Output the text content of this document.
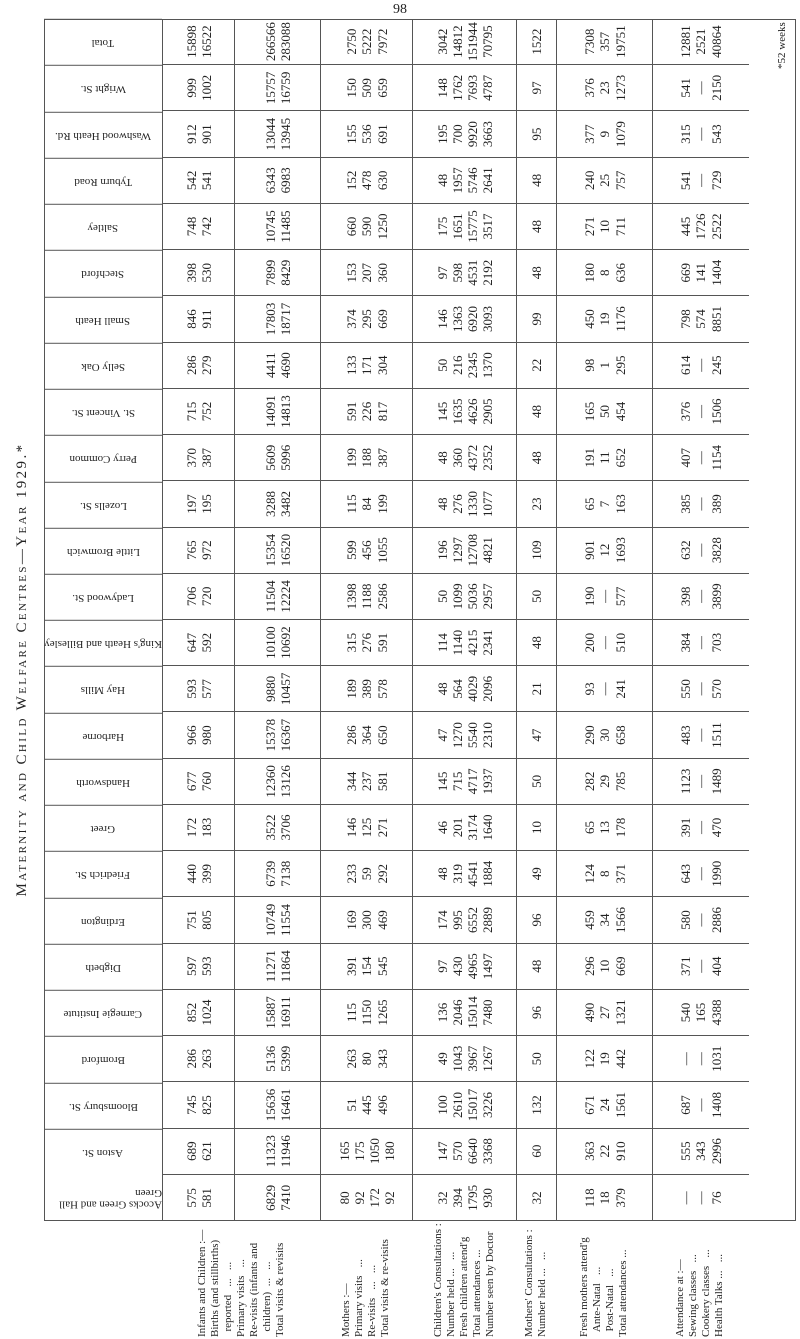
98
Maternity and Child Welfare Centres—Year 1929.*
Acocks Green and Hall Green
Aston St.
Bloomsbury St.
Bromford
Carnegie Institute
Digbeth
Erdington
Friedrich St.
Greet
Handsworth
Harborne
Hay Mills
King's Heath and Billesley
Ladywood St.
Little Bromwich
Lozells St.
Perry Common
St. Vincent St.
Selly Oak
Small Heath
Stechford
Saltley
Tyburn Road
Washwood Heath Rd.
Wright St.
Total
575 581
689 621
745 825
286 263
852 1024
597 593
751 805
440 399
172 183
677 760
966 980
593 577
647 592
706 720
765 972
197 195
370 387
715 752
286 279
846 911
398 530
748 742
542 541
912 901
999 1002
15898 16522
6829 7410
11323 11946
15636 16461
5136 5399
15887 16911
11271 11864
10749 11554
6739 7138
3522 3706
12360 13126
15378 16367
9880 10457
10100 10692
11504 12224
15354 16520
3288 3482
5609 5996
14091 14813
4411 4690
17803 18717
7899 8429
10745 11485
6343 6983
13044 13945
15757 16759
266566 283088
80 92 172 92
165 175 1050 180
51 445 496
263 80 343
115 1150 1265
391 154 545
169 300 469
233 59 292
146 125 271
344 237 581
286 364 650
189 389 578
315 276 591
1398 1188 2586
599 456 1055
115 84 199
199 188 387
591 226 817
133 171 304
374 295 669
153 207 360
660 590 1250
152 478 630
155 536 691
150 509 659
2750 5222 7972
32 394 1795 930
147 570 6640 3368
100 2610 15017 3226
49 1043 3967 1267
136 2046 15014 7480
97 430 4965 1497
174 995 6552 2889
48 319 4541 1884
46 201 3174 1640
145 715 4717 1937
47 1270 5540 2310
48 564 4029 2096
114 1140 4215 2341
50 1099 5036 2957
196 1297 12708 4821
48 276 1330 1077
48 360 4372 2352
145 1635 4626 2905
50 216 2345 1370
146 1363 6920 3093
97 598 4531 2192
175 1651 15775 3517
48 1957 5746 2641
195 700 9920 3663
148 1762 7693 4787
3042 14812 151944 70795
32
60
132
50
96
48
96
49
10
50
47
21
48
50
109
23
48
48
22
99
48
48
48
95
97
1522
118 18 379
363 22 910
671 24 1561
122 19 442
490 27 1321
296 10 669
459 34 1566
124 8 371
65 13 178
282 29 785
290 30 658
93 — 241
200 — 510
190 — 577
901 12 1693
65 7 163
191 11 652
165 50 454
98 1 295
450 19 1176
180 8 636
271 10 711
240 25 757
377 9 1079
376 23 1273
7308 357 19751
— — 76
555 343 2996
687 — 1408
— — 1031
540 165 4388
371 — 404
580 — 2886
643 — 1990
391 — 470
1123 — 1489
483 — 1511
550 — 570
384 — 703
398 — 3899
632 — 3828
385 — 389
407 — 1154
376 — 1506
614 — 245
798 574 8851
669 141 1404
445 1726 2522
541 — 729
315 — 543
541 — 2150
12881 2521 40864	*52 weeks
Infants and Children :—
Births (and stillbirths)
reported   ...   ...
Primary visits   ...
Re-visits (infants and
children)  ...   ...
Total visits & revisits
Mothers :—
Primary visits   ...
Re-visits   ...   ...
Total visits & re-visits
Children's Consultations :
Number held ...   ...
Fresh children attend'g
Total attendances ...
Number seen by Doctor
Mothers' Consultations :
Number held ...   ...
Fresh mothers attend'g
Ante-Natal   ...
Post-Natal   ...
Total attendances ...
Attendance at :—
Sewing classes   ...
Cookery classes   ...
Health Talks ...   ...
